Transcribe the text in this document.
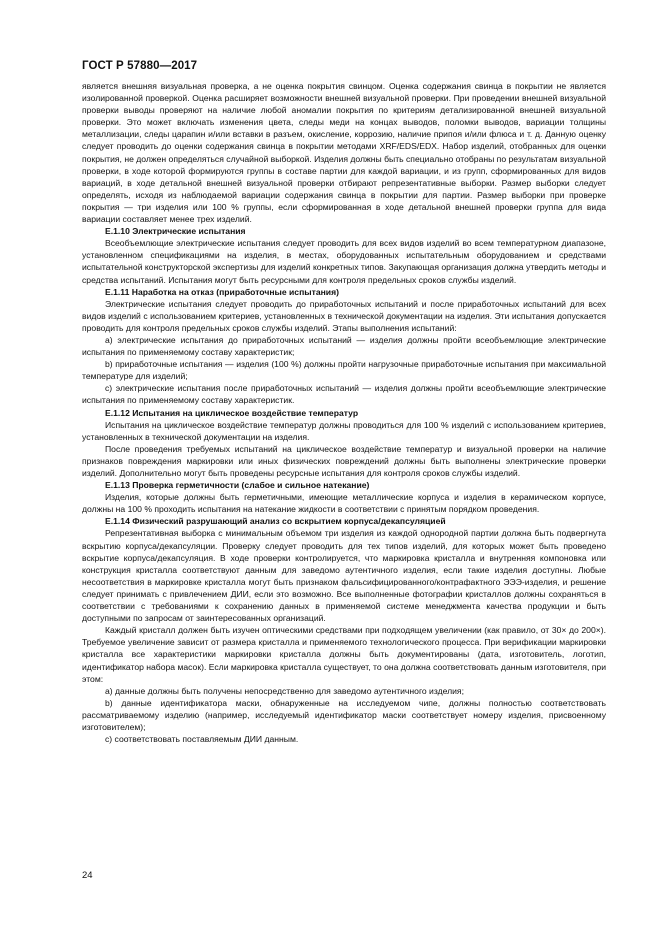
ГОСТ Р 57880—2017

является внешняя визуальная проверка, а не оценка покрытия свинцом. Оценка содержания свинца в покрытии не является изолированной проверкой. Оценка расширяет возможности внешней визуальной проверки. При проведении внешней визуальной проверки выводы проверяют на наличие любой аномалии покрытия по критериям детализированной внешней визуальной проверки. Это может включать изменения цвета, следы меди на концах выводов, поломки выводов, вариации толщины металлизации, следы царапин и/или вставки в разъем, окисление, коррозию, наличие припоя и/или флюса и т. д. Данную оценку следует проводить до оценки содержания свинца в покрытии методами XRF/EDS/EDX. Набор изделий, отобранных для оценки покрытия, не должен определяться случайной выборкой. Изделия должны быть специально отобраны по результатам визуальной проверки, в ходе которой формируются группы в составе партии для каждой вариации, и из групп, сформированных для видов вариаций, в ходе детальной внешней визуальной проверки отбирают репрезентативные выборки. Размер выборки следует определять, исходя из наблюдаемой вариации содержания свинца в покрытии для партии. Размер выборки при проверке покрытия — три изделия или 100 % группы, если сформированная в ходе детальной внешней проверки группа для вида вариации составляет менее трех изделий.

Е.1.10 Электрические испытания

Всеобъемлющие электрические испытания следует проводить для всех видов изделий во всем температурном диапазоне, установленном спецификациями на изделия, в местах, оборудованных испытательным оборудованием и средствами испытательной конструкторской экспертизы для изделий конкретных типов. Закупающая организация должна утвердить методы и средства испытаний. Испытания могут быть ресурсными для контроля предельных сроков службы изделий.

Е.1.11 Наработка на отказ (приработочные испытания)

Электрические испытания следует проводить до приработочных испытаний и после приработочных испытаний для всех видов изделий с использованием критериев, установленных в технической документации на изделия. Эти испытания допускается проводить для контроля предельных сроков службы изделий. Этапы выполнения испытаний:

a) электрические испытания до приработочных испытаний — изделия должны пройти всеобъемлющие электрические испытания по применяемому составу характеристик;

b) приработочные испытания — изделия (100 %) должны пройти нагрузочные приработочные испытания при максимальной температуре для изделий;

c) электрические испытания после приработочных испытаний — изделия должны пройти всеобъемлющие электрические испытания по применяемому составу характеристик.

Е.1.12 Испытания на циклическое воздействие температур

Испытания на циклическое воздействие температур должны проводиться для 100 % изделий с использованием критериев, установленных в технической документации на изделия.

После проведения требуемых испытаний на циклическое воздействие температур и визуальной проверки на наличие признаков повреждения маркировки или иных физических повреждений должны быть выполнены электрические проверки изделий. Дополнительно могут быть проведены ресурсные испытания для контроля сроков службы изделий.

Е.1.13 Проверка герметичности (слабое и сильное натекание)

Изделия, которые должны быть герметичными, имеющие металлические корпуса и изделия в керамическом корпусе, должны на 100 % проходить испытания на натекание жидкости в соответствии с принятым порядком проведения.

Е.1.14 Физический разрушающий анализ со вскрытием корпуса/декапсуляцией

Репрезентативная выборка с минимальным объемом три изделия из каждой однородной партии должна быть подвергнута вскрытию корпуса/декапсуляции. Проверку следует проводить для тех типов изделий, для которых может быть проведено вскрытие корпуса/декапсуляция. В ходе проверки контролируется, что маркировка кристалла и внутренняя компоновка или конструкция кристалла соответствуют данным для заведомо аутентичного изделия, если такие изделия доступны. Любые несоответствия в маркировке кристалла могут быть признаком фальсифицированного/контрафактного ЭЭЭ-изделия, и решение следует принимать с привлечением ДИИ, если это возможно. Все выполненные фотографии кристаллов должны сохраняться в соответствии с требованиями к сохранению данных в применяемой системе менеджмента качества продукции и быть доступными по запросам от заинтересованных организаций.

Каждый кристалл должен быть изучен оптическими средствами при подходящем увеличении (как правило, от 30× до 200×). Требуемое увеличение зависит от размера кристалла и применяемого технологического процесса. При верификации маркировки кристалла все характеристики маркировки кристалла должны быть документированы (дата, изготовитель, логотип, идентификатор набора масок). Если маркировка кристалла существует, то она должна соответствовать данным изготовителя, при этом:

a) данные должны быть получены непосредственно для заведомо аутентичного изделия;

b) данные идентификатора маски, обнаруженные на исследуемом чипе, должны полностью соответствовать рассматриваемому изделию (например, исследуемый идентификатор маски соответствует номеру изделия, присвоенному изготовителем);

c) соответствовать поставляемым ДИИ данным.

24
